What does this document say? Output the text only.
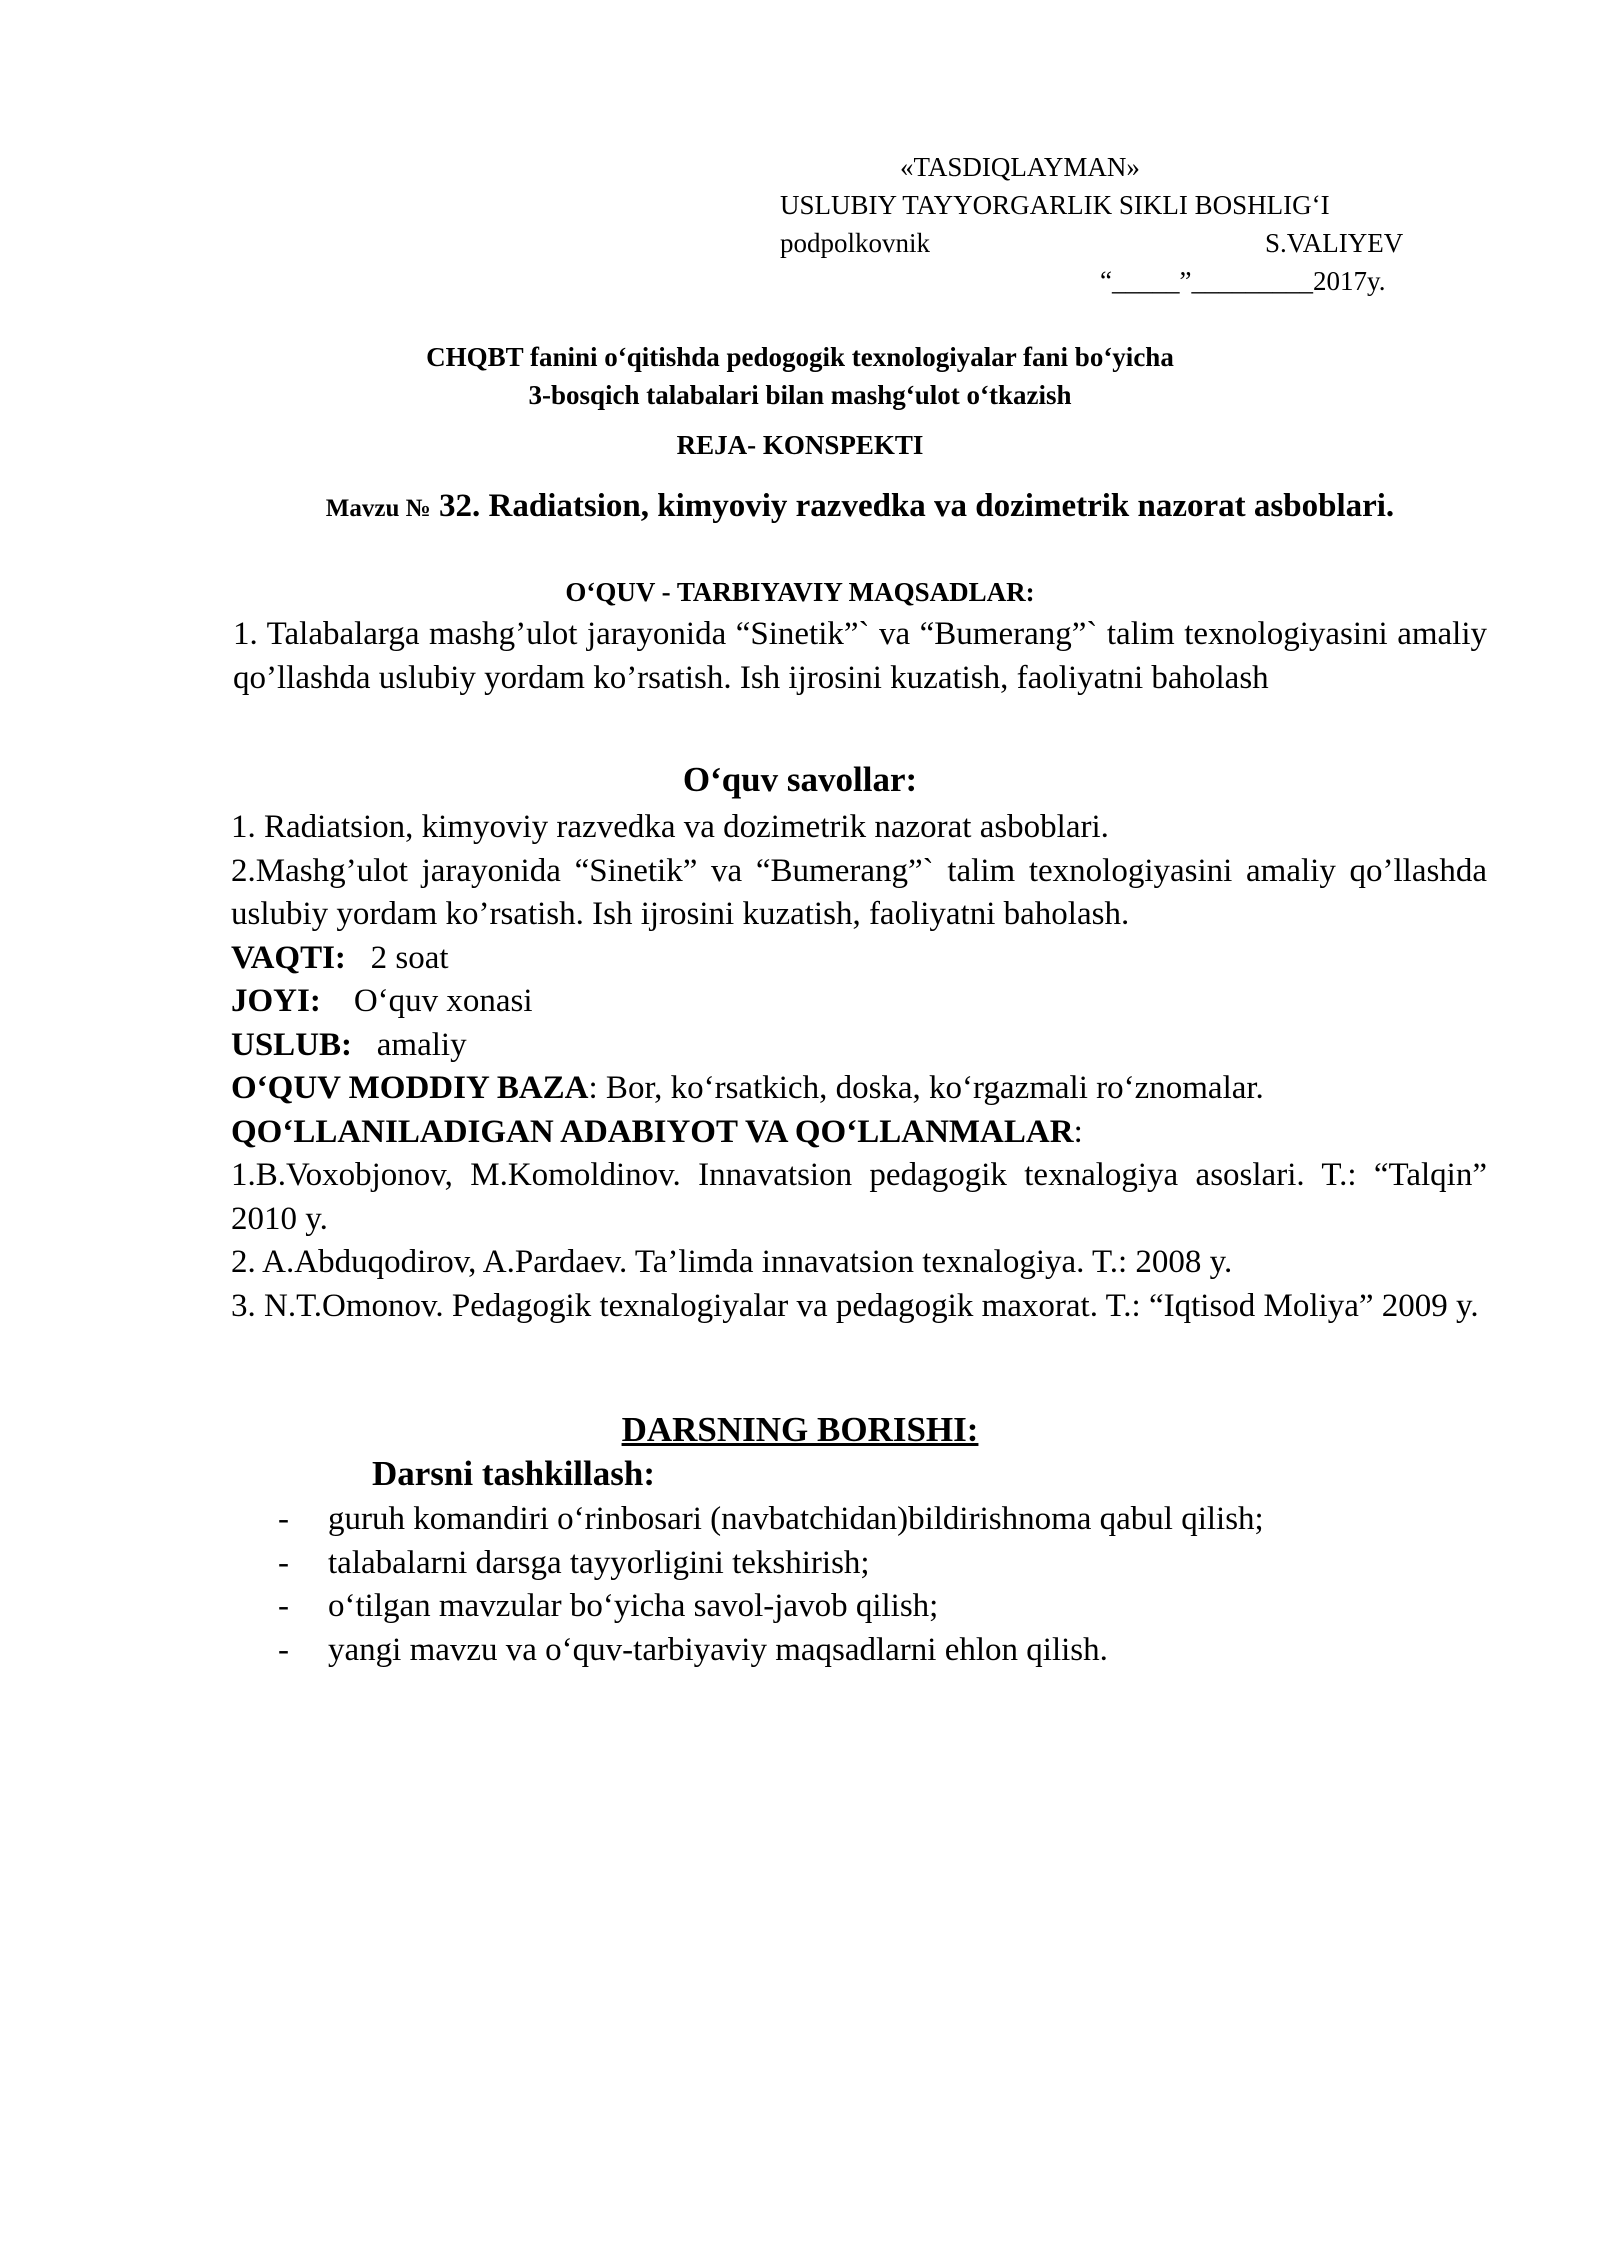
«TASDIQLAYMAN»
USLUBIY TAYYORGARLIK SIKLI BOSHLIG‘I
podpolkovnik	S.VALIYEV
“_____”_________2017y.
CHQBT fanini o‘qitishda pedogogik texnologiyalar fani bo‘yicha
3-bosqich talabalari bilan mashg‘ulot o‘tkazish
REJA- KONSPEKTI
Mavzu № 32. Radiatsion, kimyoviy razvedka va dozimetrik nazorat asboblari.
O‘QUV - TARBIYAVIY MAQSADLAR:
1. Talabalarga mashg’ulot jarayonida “Sinetik”` va “Bumerang”` talim texnologiyasini amaliy qo’llashda uslubiy yordam ko’rsatish. Ish ijrosini kuzatish, faoliyatni baholash
O‘quv savollar:

1. Radiatsion, kimyoviy razvedka va dozimetrik nazorat asboblari.

2.Mashg’ulot jarayonida “Sinetik” va “Bumerang”` talim texnologiyasini amaliy qo’llashda uslubiy yordam ko’rsatish. Ish ijrosini kuzatish, faoliyatni baholash.

VAQTI: 2 soat

JOYI: O‘quv xonasi

USLUB: amaliy

O‘QUV MODDIY BAZA: Bor, ko‘rsatkich, doska, ko‘rgazmali ro‘znomalar.

QO‘LLANILADIGAN ADABIYOT VA QO‘LLANMALAR:

1.B.Voxobjonov, M.Komoldinov. Innavatsion pedagogik texnalogiya asoslari. T.: “Talqin” 2010 y.

2. A.Abduqodirov, A.Pardaev. Ta’limda innavatsion texnalogiya. T.: 2008 y.

3. N.T.Omonov. Pedagogik texnalogiyalar va pedagogik maxorat. T.: “Iqtisod Moliya” 2009 y.

DARSNING BORISHI:
Darsni tashkillash:
-	guruh komandiri o‘rinbosari (navbatchidan)bildirishnoma qabul qilish;
-	talabalarni darsga tayyorligini tekshirish;
-	o‘tilgan mavzular bo‘yicha savol-javob qilish;
-	yangi mavzu va o‘quv-tarbiyaviy maqsadlarni ehlon qilish.
